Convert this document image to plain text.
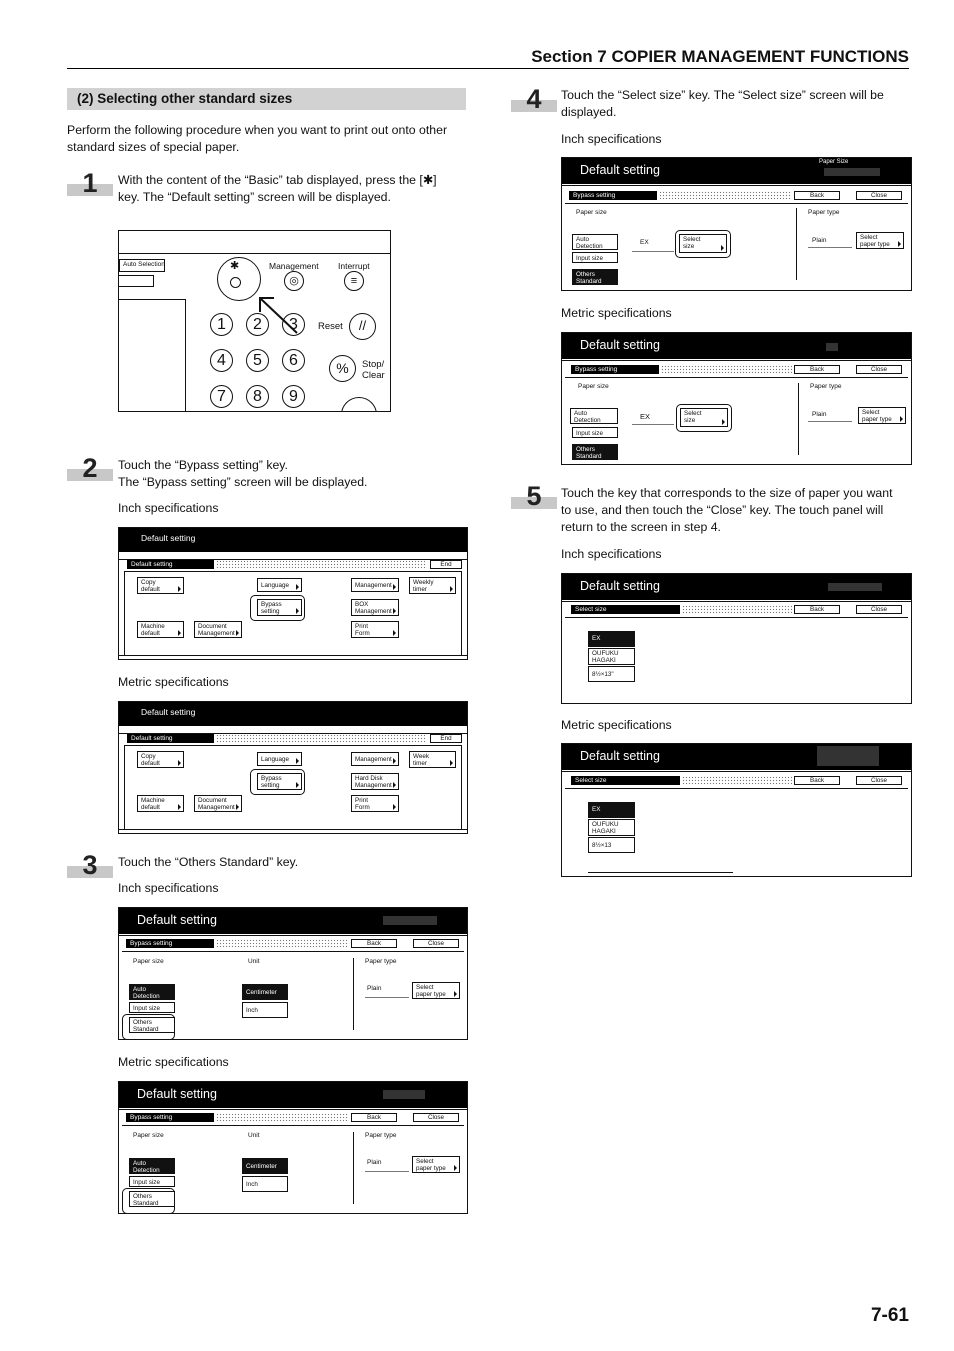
Section 7 COPIER MANAGEMENT FUNCTIONS
(2) Selecting other standard sizes
Perform the following procedure when you want to print out onto other standard sizes of special paper.
1	With the content of the “Basic” tab displayed, press the [✱]
key. The “Default setting” screen will be displayed.
Auto Selection	✱	Management
◎
Interrupt
≡
1	2	3
4	5	6
7	8	9
Reset	//
%	Stop/
Clear
2	Touch the “Bypass setting” key.
The “Bypass setting” screen will be displayed.
Inch specifications
Metric specifications
Default setting
Default setting	End
Copy
default
Language	Management	Weekly
timer
Bypass
setting
BOX
Management
Machine
default
Document
Management
Print
Form
Default setting
Default setting	End
Copy
default
Language	Management	Week
timer
Bypass
setting
Hard Disk
Management
Machine
default
Document
Management
Print
Form
3	Touch the “Others Standard” key.
Inch specifications
Metric specifications
Default setting
Bypass setting	Back	Close
Paper size	Unit	Paper type
Auto
Detection
Input size
Others
Standard
Centimeter
Inch
Plain	Select
paper type
Default setting
Bypass setting	Back	Close
Paper size	Unit	Paper type
Auto
Detection
Input size
Others
Standard
Centimeter
Inch
Plain	Select
paper type
4	Touch the “Select size” key. The “Select size” screen will be
displayed.
Inch specifications
Metric specifications
Default setting
Paper Size
Bypass setting	Back	Close
Paper size	Paper type
Auto
Detection
Input size
Others
Standard
EX	Select
size
Plain	Select
paper type
Default setting
Bypass setting	Back	Close
Paper size	Paper type
Auto
Detection
Input size
Others
Standard
EX	Select
size
Plain	Select
paper type
5	Touch the key that corresponds to the size of paper you want
to use, and then touch the “Close” key. The touch panel will
return to the screen in step 4.
Inch specifications
Metric specifications
Default setting
Select size	Back	Close
EX
OUFUKU
HAGAKI
8½×13"
Default setting
Select size	Back	Close
EX
OUFUKU
HAGAKI
8½×13
7-61
